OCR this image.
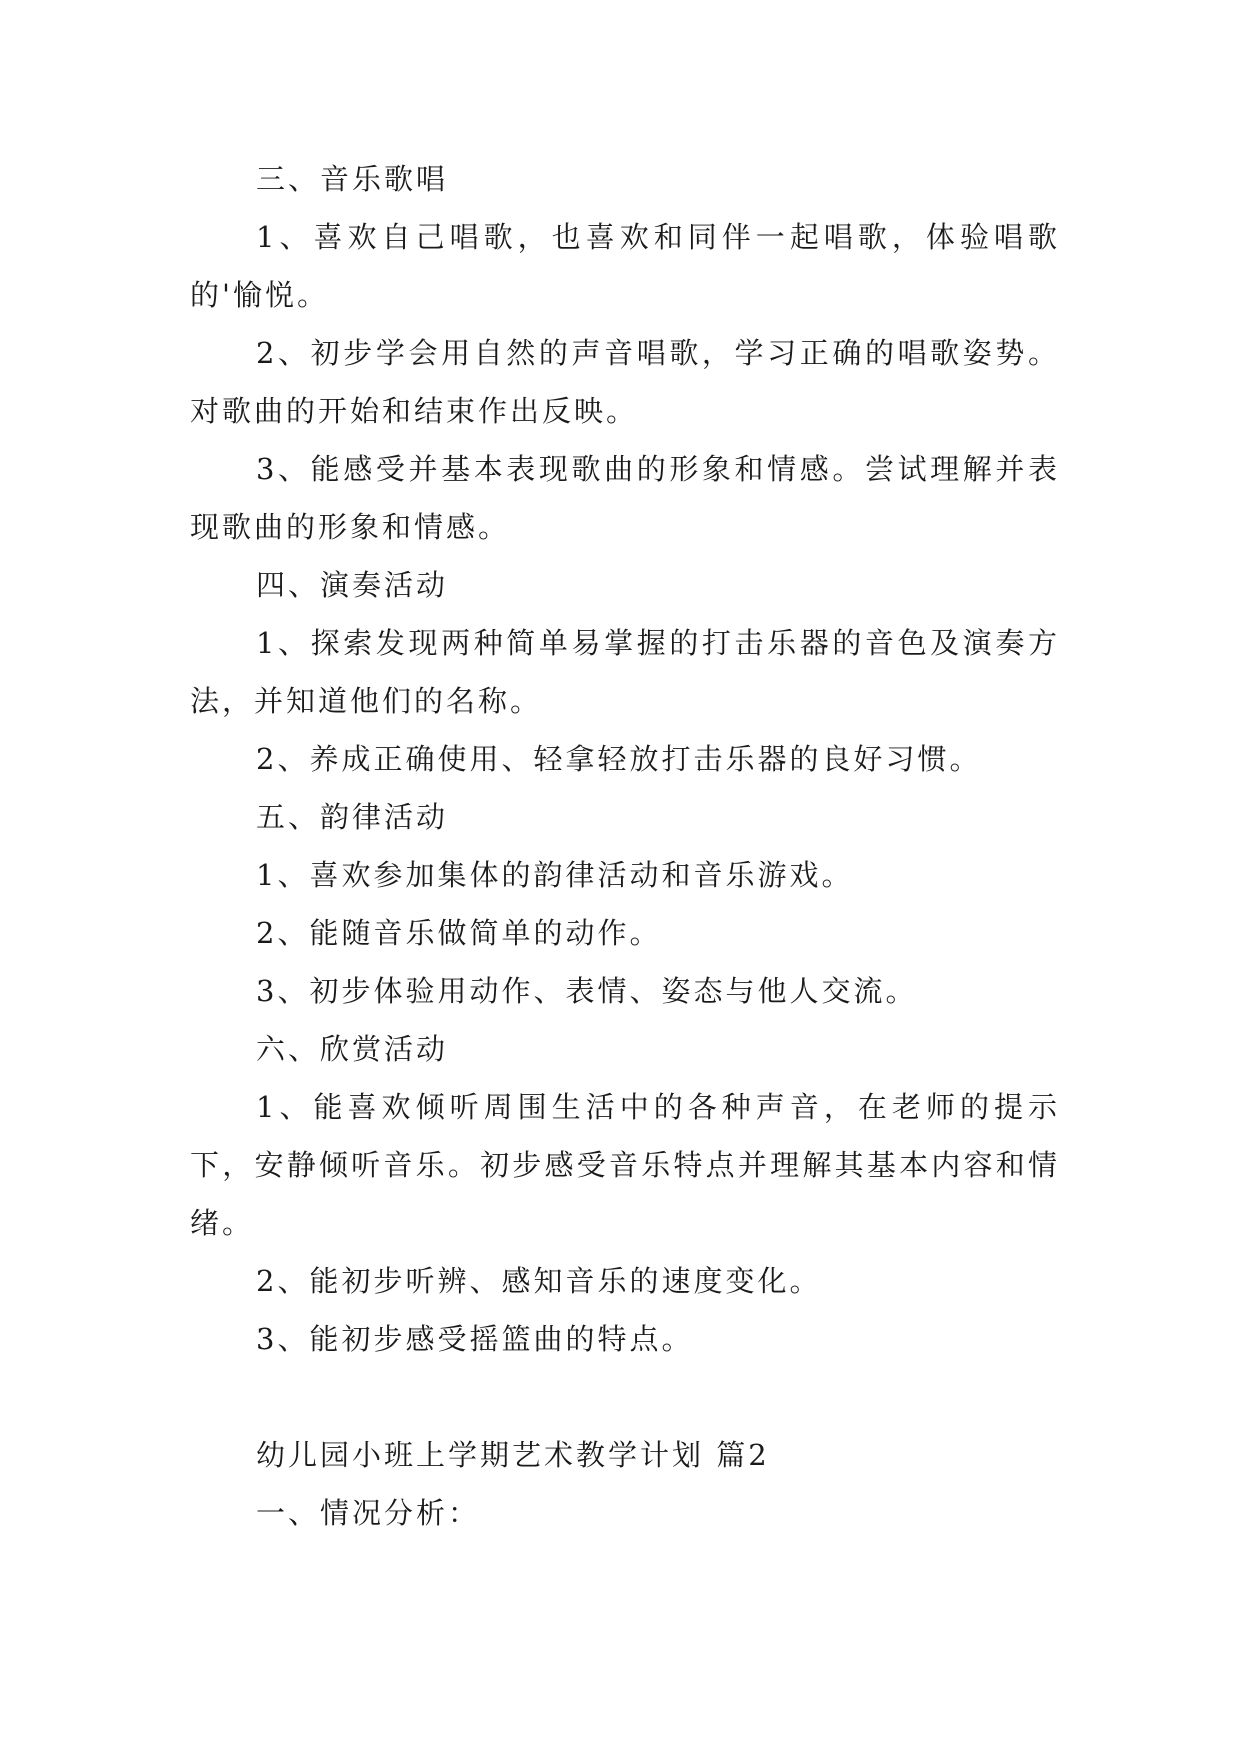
三、音乐歌唱

1、喜欢自己唱歌，也喜欢和同伴一起唱歌，体验唱歌的'愉悦。

2、初步学会用自然的声音唱歌，学习正确的唱歌姿势。对歌曲的开始和结束作出反映。

3、能感受并基本表现歌曲的形象和情感。尝试理解并表现歌曲的形象和情感。

四、演奏活动

1、探索发现两种简单易掌握的打击乐器的音色及演奏方法，并知道他们的名称。

2、养成正确使用、轻拿轻放打击乐器的良好习惯。

五、韵律活动

1、喜欢参加集体的韵律活动和音乐游戏。

2、能随音乐做简单的动作。

3、初步体验用动作、表情、姿态与他人交流。

六、欣赏活动

1、能喜欢倾听周围生活中的各种声音，在老师的提示下，安静倾听音乐。初步感受音乐特点并理解其基本内容和情绪。

2、能初步听辨、感知音乐的速度变化。

3、能初步感受摇篮曲的特点。

幼儿园小班上学期艺术教学计划 篇2

一、情况分析：
